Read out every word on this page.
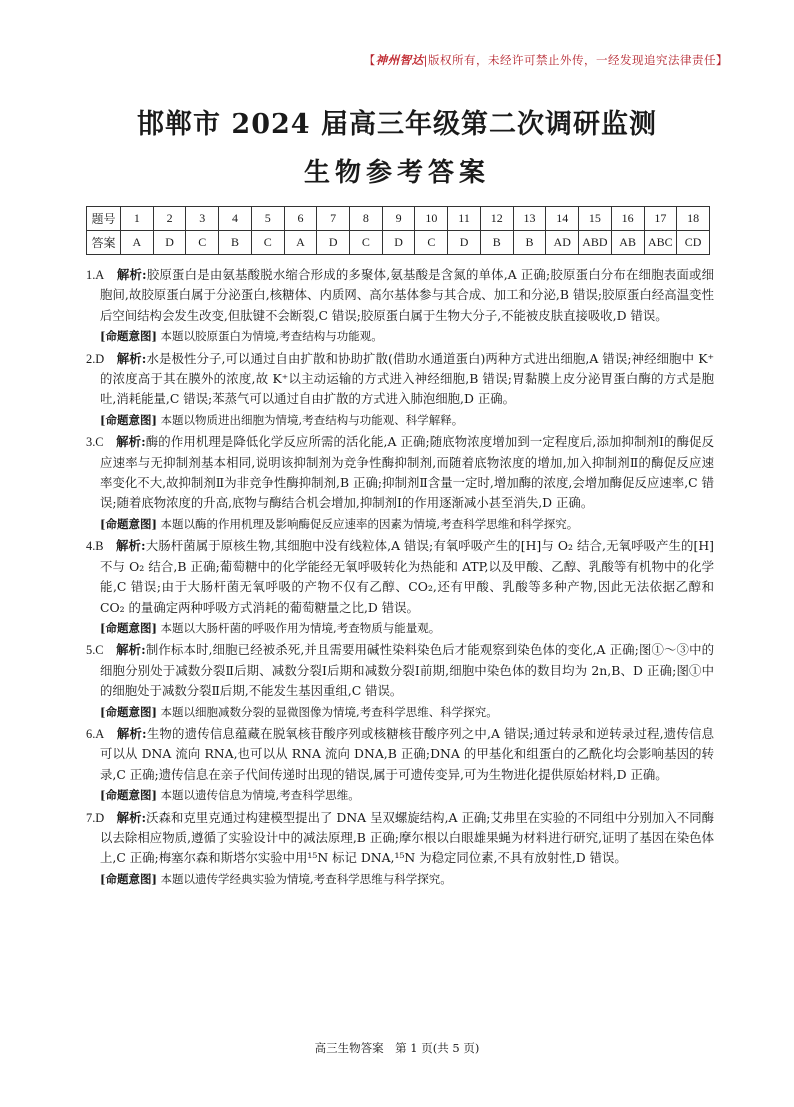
【神州智达|版权所有，未经许可禁止外传，一经发现追究法律责任】
邯郸市 2024 届高三年级第二次调研监测
生物参考答案
题号	1	2	3	4	5	6	7	8	9	10	11	12	13	14	15	16	17	18
答案	A	D	C	B	C	A	D	C	D	C	D	B	B	AD	ABD	AB	ABC	CD

1.A  解析:胶原蛋白是由氨基酸脱水缩合形成的多聚体,氨基酸是含氮的单体,A 正确;胶原蛋白分布在细胞表面或细胞间,故胶原蛋白属于分泌蛋白,核糖体、内质网、高尔基体参与其合成、加工和分泌,B 错误;胶原蛋白经高温变性后空间结构会发生改变,但肽键不会断裂,C 错误;胶原蛋白属于生物大分子,不能被皮肤直接吸收,D 错误。

[命题意图] 本题以胶原蛋白为情境,考查结构与功能观。

2.D  解析:水是极性分子,可以通过自由扩散和协助扩散(借助水通道蛋白)两种方式进出细胞,A 错误;神经细胞中 K⁺的浓度高于其在膜外的浓度,故 K⁺以主动运输的方式进入神经细胞,B 错误;胃黏膜上皮分泌胃蛋白酶的方式是胞吐,消耗能量,C 错误;苯蒸气可以通过自由扩散的方式进入肺泡细胞,D 正确。

[命题意图] 本题以物质进出细胞为情境,考查结构与功能观、科学解释。

3.C  解析:酶的作用机理是降低化学反应所需的活化能,A 正确;随底物浓度增加到一定程度后,添加抑制剂Ⅰ的酶促反应速率与无抑制剂基本相同,说明该抑制剂为竞争性酶抑制剂,而随着底物浓度的增加,加入抑制剂Ⅱ的酶促反应速率变化不大,故抑制剂Ⅱ为非竞争性酶抑制剂,B 正确;抑制剂Ⅱ含量一定时,增加酶的浓度,会增加酶促反应速率,C 错误;随着底物浓度的升高,底物与酶结合机会增加,抑制剂Ⅰ的作用逐渐减小甚至消失,D 正确。

[命题意图] 本题以酶的作用机理及影响酶促反应速率的因素为情境,考查科学思维和科学探究。

4.B  解析:大肠杆菌属于原核生物,其细胞中没有线粒体,A 错误;有氧呼吸产生的[H]与 O₂ 结合,无氧呼吸产生的[H]不与 O₂ 结合,B 正确;葡萄糖中的化学能经无氧呼吸转化为热能和 ATP,以及甲酸、乙醇、乳酸等有机物中的化学能,C 错误;由于大肠杆菌无氧呼吸的产物不仅有乙醇、CO₂,还有甲酸、乳酸等多种产物,因此无法依据乙醇和 CO₂ 的量确定两种呼吸方式消耗的葡萄糖量之比,D 错误。

[命题意图] 本题以大肠杆菌的呼吸作用为情境,考查物质与能量观。

5.C  解析:制作标本时,细胞已经被杀死,并且需要用碱性染料染色后才能观察到染色体的变化,A 正确;图①～③中的细胞分别处于减数分裂Ⅱ后期、减数分裂Ⅰ后期和减数分裂Ⅰ前期,细胞中染色体的数目均为 2n,B、D 正确;图①中的细胞处于减数分裂Ⅱ后期,不能发生基因重组,C 错误。

[命题意图] 本题以细胞减数分裂的显微图像为情境,考查科学思维、科学探究。

6.A  解析:生物的遗传信息蕴藏在脱氧核苷酸序列或核糖核苷酸序列之中,A 错误;通过转录和逆转录过程,遗传信息可以从 DNA 流向 RNA,也可以从 RNA 流向 DNA,B 正确;DNA 的甲基化和组蛋白的乙酰化均会影响基因的转录,C 正确;遗传信息在亲子代间传递时出现的错误,属于可遗传变异,可为生物进化提供原始材料,D 正确。

[命题意图] 本题以遗传信息为情境,考查科学思维。

7.D  解析:沃森和克里克通过构建模型提出了 DNA 呈双螺旋结构,A 正确;艾弗里在实验的不同组中分别加入不同酶以去除相应物质,遵循了实验设计中的减法原理,B 正确;摩尔根以白眼雄果蝇为材料进行研究,证明了基因在染色体上,C 正确;梅塞尔森和斯塔尔实验中用¹⁵N 标记 DNA,¹⁵N 为稳定同位素,不具有放射性,D 错误。

[命题意图] 本题以遗传学经典实验为情境,考查科学思维与科学探究。
高三生物答案　第 1 页(共 5 页)
